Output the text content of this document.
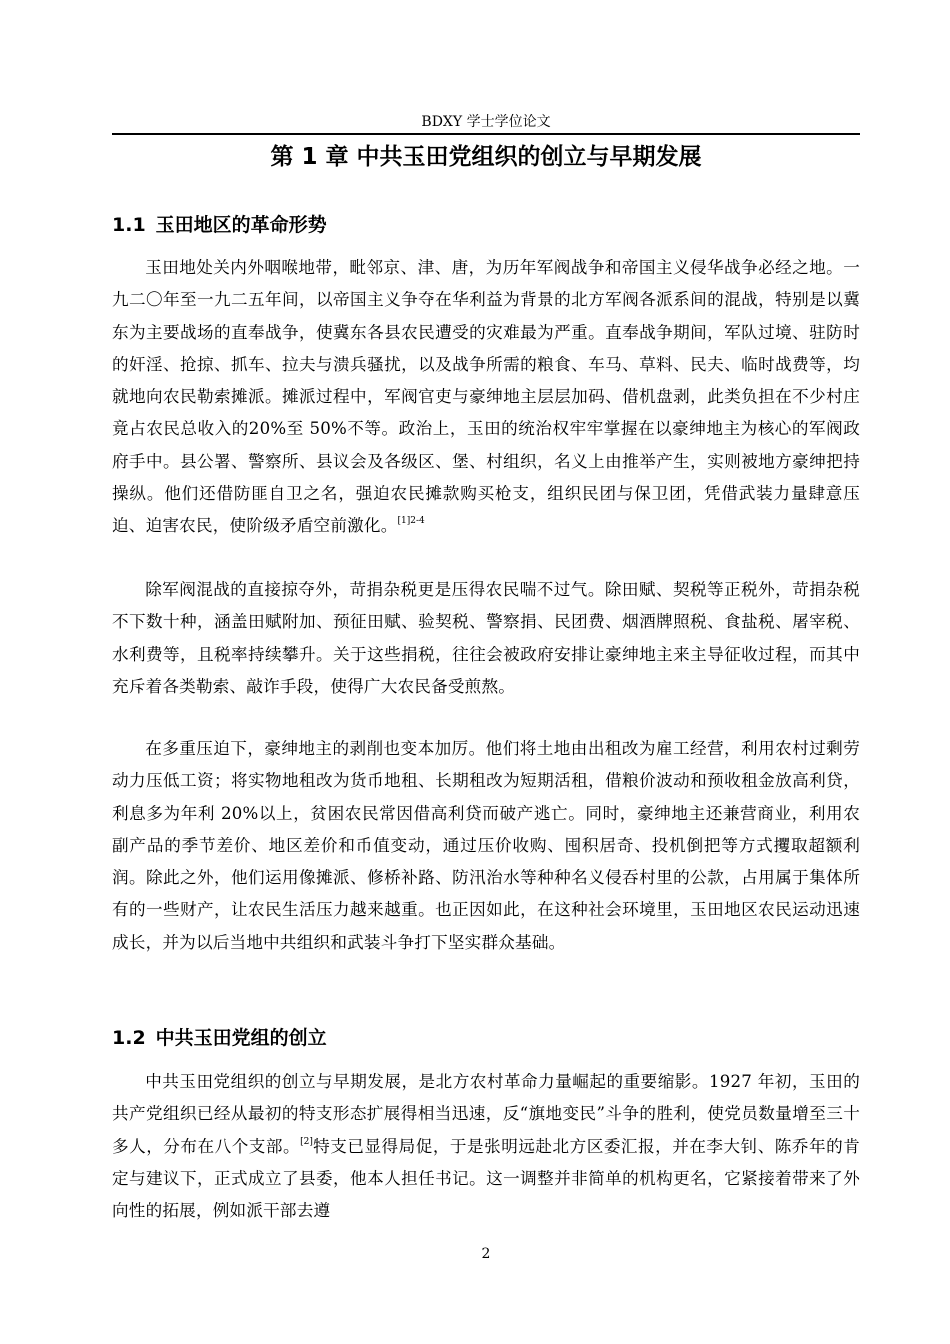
BDXY 学士学位论文
第 1 章 中共玉田党组织的创立与早期发展
1.1 玉田地区的革命形势

玉田地处关内外咽喉地带，毗邻京、津、唐，为历年军阀战争和帝国主义侵华战争必经之地。一九二〇年至一九二五年间，以帝国主义争夺在华利益为背景的北方军阀各派系间的混战，特别是以冀东为主要战场的直奉战争，使冀东各县农民遭受的灾难最为严重。直奉战争期间，军队过境、驻防时的奸淫、抢掠、抓车、拉夫与溃兵骚扰，以及战争所需的粮食、车马、草料、民夫、临时战费等，均就地向农民勒索摊派。摊派过程中，军阀官吏与豪绅地主层层加码、借机盘剥，此类负担在不少村庄竟占农民总收入的20%至 50%不等。政治上，玉田的统治权牢牢掌握在以豪绅地主为核心的军阀政府手中。县公署、警察所、县议会及各级区、堡、村组织，名义上由推举产生，实则被地方豪绅把持操纵。他们还借防匪自卫之名，强迫农民摊款购买枪支，组织民团与保卫团，凭借武装力量肆意压迫、迫害农民，使阶级矛盾空前激化。$^{[1]2-4}$

除军阀混战的直接掠夺外，苛捐杂税更是压得农民喘不过气。除田赋、契税等正税外，苛捐杂税不下数十种，涵盖田赋附加、预征田赋、验契税、警察捐、民团费、烟酒牌照税、食盐税、屠宰税、水利费等，且税率持续攀升。关于这些捐税，往往会被政府安排让豪绅地主来主导征收过程，而其中充斥着各类勒索、敲诈手段，使得广大农民备受煎熬。

在多重压迫下，豪绅地主的剥削也变本加厉。他们将土地由出租改为雇工经营，利用农村过剩劳动力压低工资；将实物地租改为货币地租、长期租改为短期活租，借粮价波动和预收租金放高利贷，利息多为年利 20%以上，贫困农民常因借高利贷而破产逃亡。同时，豪绅地主还兼营商业，利用农副产品的季节差价、地区差价和币值变动，通过压价收购、囤积居奇、投机倒把等方式攫取超额利润。除此之外，他们运用像摊派、修桥补路、防汛治水等种种名义侵吞村里的公款，占用属于集体所有的一些财产，让农民生活压力越来越重。也正因如此，在这种社会环境里，玉田地区农民运动迅速成长，并为以后当地中共组织和武装斗争打下坚实群众基础。

1.2 中共玉田党组的创立

中共玉田党组织的创立与早期发展，是北方农村革命力量崛起的重要缩影。1927 年初，玉田的共产党组织已经从最初的特支形态扩展得相当迅速，反“旗地变民”斗争的胜利，使党员数量增至三十多人，分布在八个支部。[2]特支已显得局促，于是张明远赴北方区委汇报，并在李大钊、陈乔年的肯定与建议下，正式成立了县委，他本人担任书记。这一调整并非简单的机构更名，它紧接着带来了外向性的拓展，例如派干部去遵

2
